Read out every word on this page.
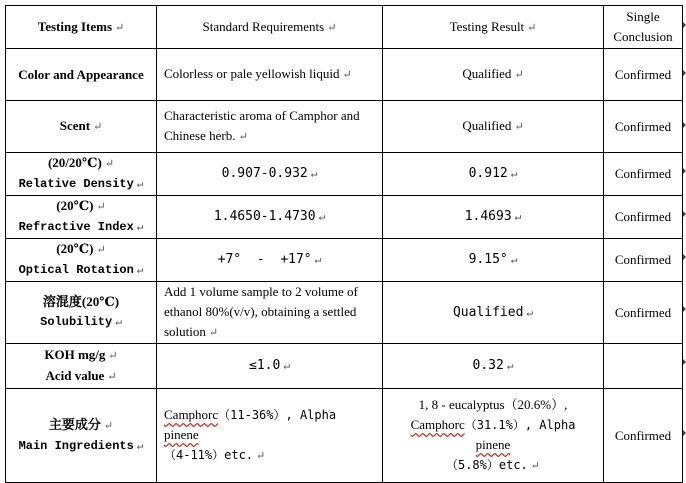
Testing Items ↵	Standard Requirements ↵	Testing Result ↵	Single Conclusion

Color and Appearance	Colorless or pale yellowish liquid ↵	Qualified ↵	Confirmed

Scent ↵	Characteristic aroma of Camphor and Chinese herb. ↵	Qualified ↵	Confirmed

(20/20℃) ↵
Relative Density ↵	0.907-0.932 ↵	0.912 ↵	Confirmed

(20℃) ↵
Refractive Index ↵	1.4650-1.4730 ↵	1.4693 ↵	Confirmed

(20℃) ↵
Optical Rotation ↵	+7°  -  +17° ↵	9.15° ↵	Confirmed

溶混度(20℃)
Solubility ↵	Add 1 volume sample to 2 volume of ethanol 80%(v/v), obtaining a settled solution ↵	Qualified ↵	Confirmed

KOH mg/g ↵
Acid value ↵	≤1.0 ↵	0.32 ↵	

主要成分 ↵
Main Ingredients ↵	Camphorc（11-36%）, Alpha pinene
（4-11%）etc. ↵	1, 8 - eucalyptus（20.6%）,
Camphorc（31.1%）, Alpha pinene
（5.8%）etc. ↵	Confirmed
